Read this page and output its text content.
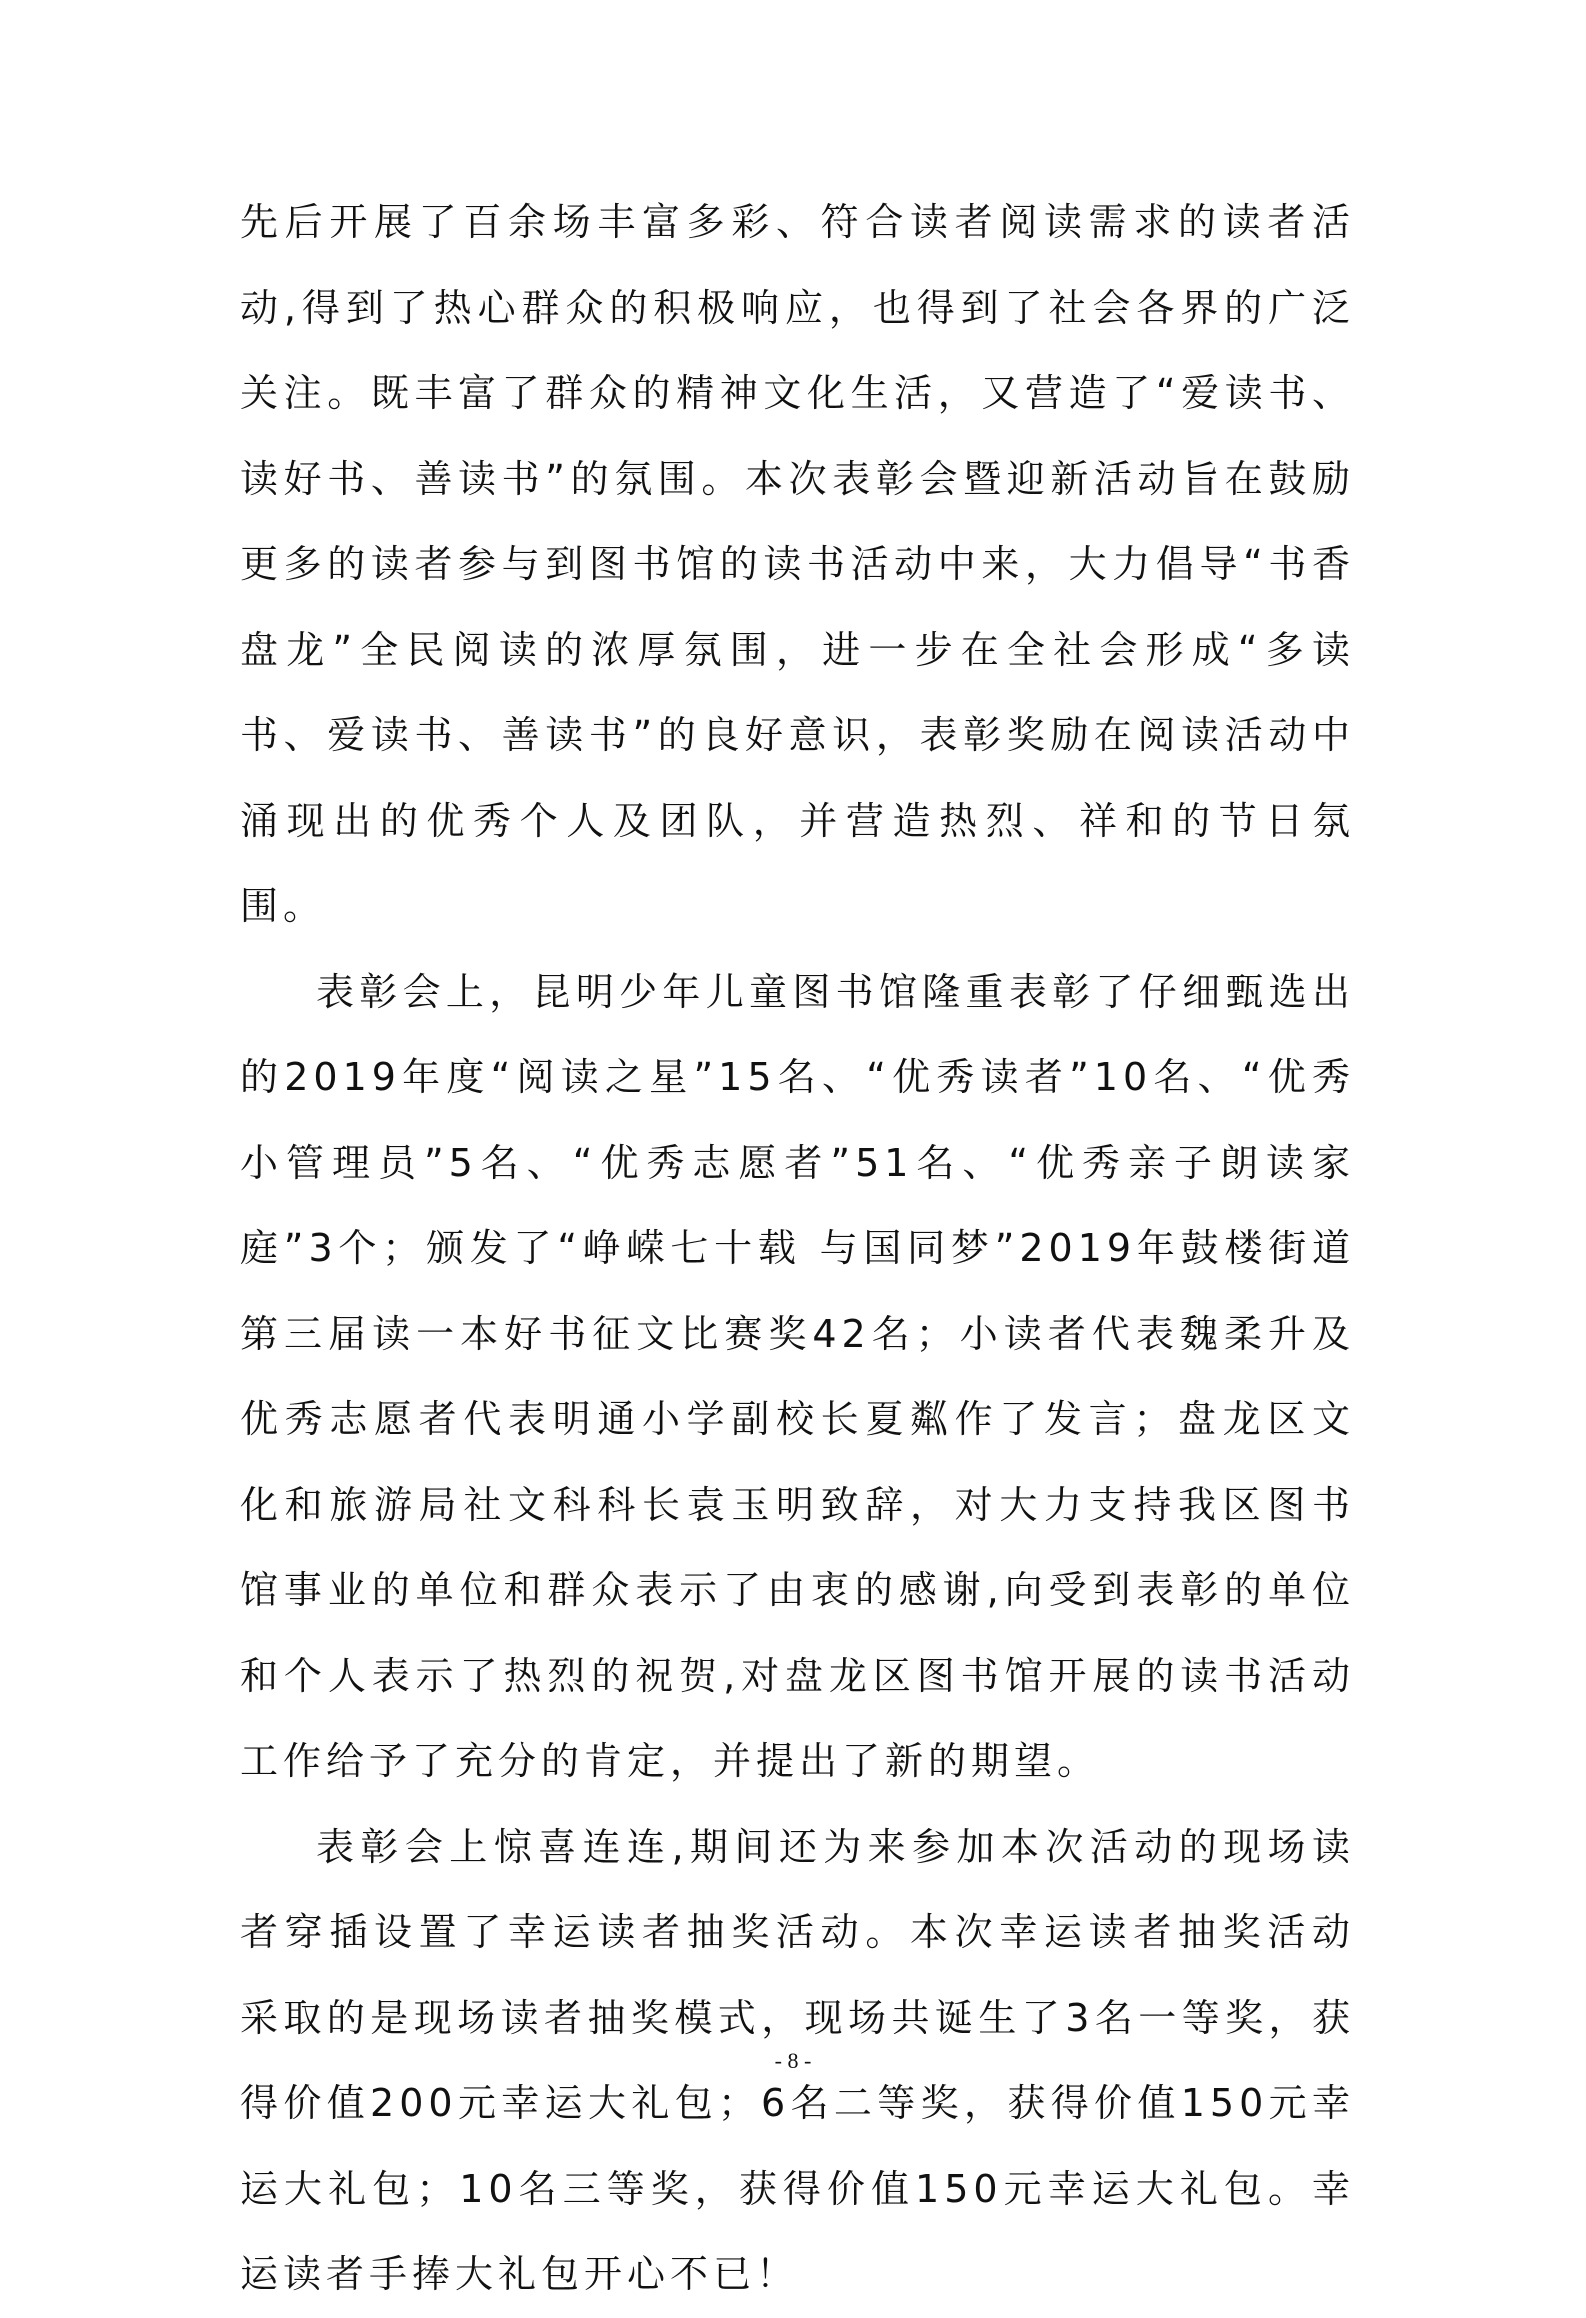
先后开展了百余场丰富多彩、符合读者阅读需求的读者活动,得到了热心群众的积极响应，也得到了社会各界的广泛关注。既丰富了群众的精神文化生活，又营造了“爱读书、读好书、善读书”的氛围。本次表彰会暨迎新活动旨在鼓励更多的读者参与到图书馆的读书活动中来，大力倡导“书香盘龙”全民阅读的浓厚氛围，进一步在全社会形成“多读书、爱读书、善读书”的良好意识，表彰奖励在阅读活动中涌现出的优秀个人及团队，并营造热烈、祥和的节日氛围。

表彰会上，昆明少年儿童图书馆隆重表彰了仔细甄选出的2019年度“阅读之星”15名、“优秀读者”10名、“优秀小管理员”5名、“优秀志愿者”51名、“优秀亲子朗读家庭”3个；颁发了“峥嵘七十载 与国同梦”2019年鼓楼街道第三届读一本好书征文比赛奖42名；小读者代表魏柔升及优秀志愿者代表明通小学副校长夏粼作了发言；盘龙区文化和旅游局社文科科长袁玉明致辞，对大力支持我区图书馆事业的单位和群众表示了由衷的感谢,向受到表彰的单位和个人表示了热烈的祝贺,对盘龙区图书馆开展的读书活动工作给予了充分的肯定，并提出了新的期望。

表彰会上惊喜连连,期间还为来参加本次活动的现场读者穿插设置了幸运读者抽奖活动。本次幸运读者抽奖活动采取的是现场读者抽奖模式，现场共诞生了3名一等奖，获得价值200元幸运大礼包；6名二等奖，获得价值150元幸运大礼包；10名三等奖，获得价值150元幸运大礼包。幸运读者手捧大礼包开心不已！

- 8 -
